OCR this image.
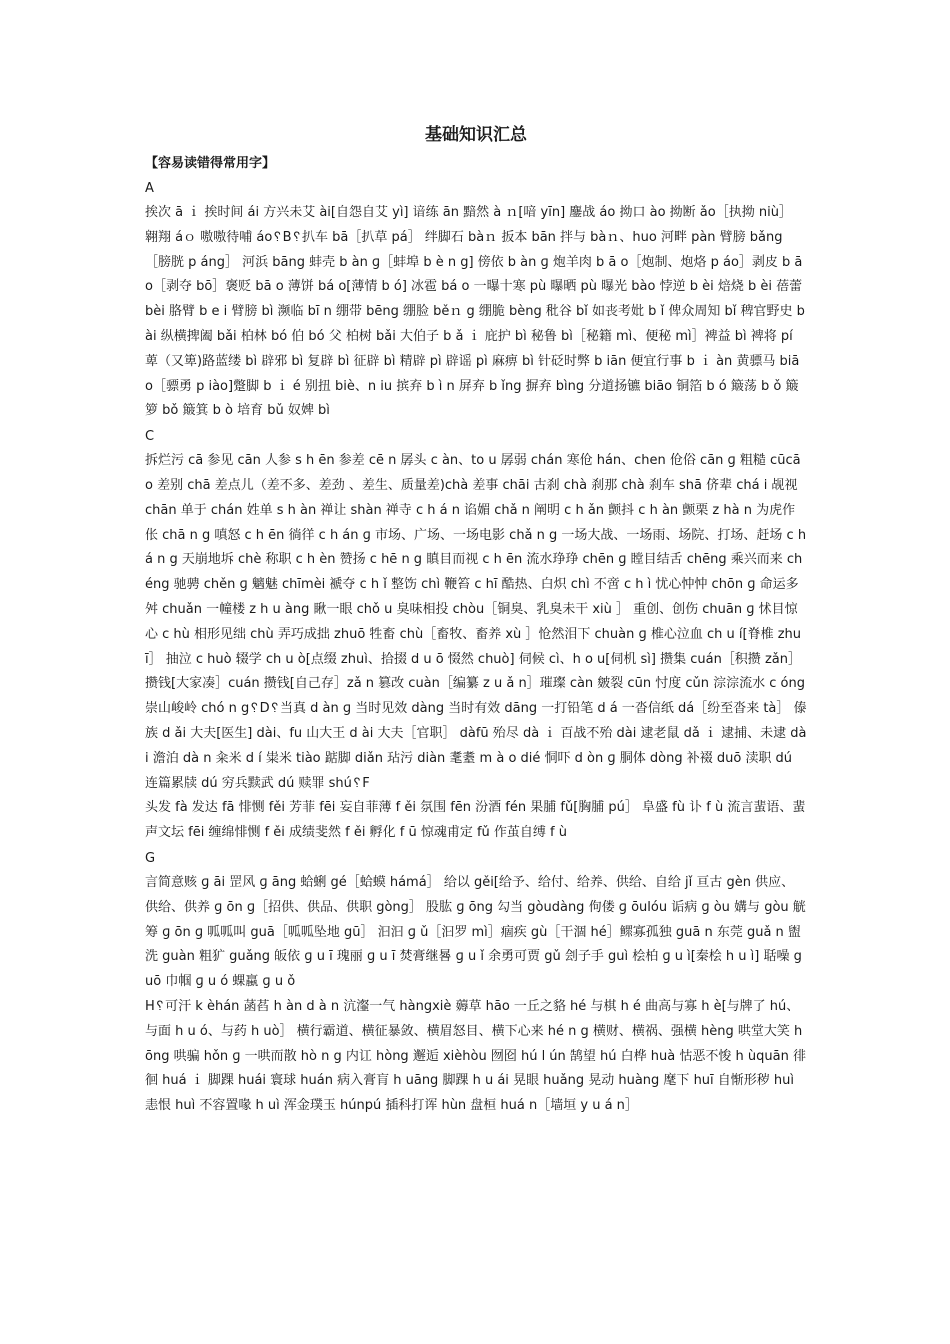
基础知识汇总

【容易读错得常用字】

A

挨次 ā ｉ 挨时间 ái 方兴未艾 ài[自怨自艾 yì] 谙练 ān 黯然 à ｎ[喑 yīn] 鏖战 áo 拗口 ào 拗断 ǎo［执拗 niù］ 翱翔 áｏ 嗷嗷待哺 áo␦B␦扒车 bā［扒草 pá］ 绊脚石 bàｎ 扳本 bān 拌与 bàｎ、huo 河畔 pàn 臂膀 bǎng［膀胱 p áng］ 河浜 bāng 蚌壳 b àn ɡ［蚌埠 b è n g] 傍依 b àn ɡ 炮羊肉 b ā o［炮制、炮烙 p áo］剥皮 b āo［剥夺 bō］褒贬 bā o 薄饼 bá o[薄情 b ó] 冰雹 bá o 一曝十寒 pù 曝晒 pù 曝光 bào 悖逆 b èi 焙烧 b èi 蓓蕾 bèi 胳臂 b e i 臂膀 bì 濒临 bī n 绷带 bēng 绷脸 běｎ g 绷脆 bèng 秕谷 bǐ 如丧考妣 b ǐ 俾众周知 bǐ 稗官野史 bài 纵横捭阖 bǎi 柏林 bó 伯 bó 父 柏树 bǎi 大伯子 b ǎ ｉ 庇护 bì 秘鲁 bì［秘籍 mì、便秘 mì］裨益 bì 裨将 pí 萆（又箄)路蓝缕 bì 辟邪 bì 复辟 bì 征辟 bì 精辟 pì 辟谣 pì 麻痹 bì 针砭时弊 b iān 便宜行事 b ｉ àn 黄骠马 biāo［骠勇 p iào]蹩脚 b ｉ é 别扭 biè、n iu 摈弃 b ì n 屏弃 b ǐng 摒弃 bìng 分道扬镳 biāo 铜箔 b ó 簸荡 b ǒ 簸箩 bǒ 簸箕 b ò 培育 bǔ 奴婢 bì

C

拆烂污 cā 参见 cān 人参 s h ēn 参差 cē n 孱头 c àn、to u 孱弱 chán 寒伧 hán、chen 伧俗 cān ɡ 粗糙 cūcā o 差别 chā 差点儿（差不多、差劲 、差生、质量差)chà 差事 chāi 古刹 chà 刹那 chà 刹车 shā 侪辈 chá i 觇视 chān 单于 chán 姓单 s h àn 禅让 shàn 禅寺 c h á n 谄媚 chǎ n 阐明 c h ǎn 颤抖 c h àn 颤栗 z hà n 为虎作伥 chā n g 嗔怒 c h ēn 徜徉 c h án ɡ 市场、广场、一场电影 chǎ n g 一场大战、一场雨、场院、打场、赶场 c há n g 天崩地坼 chè 称职 c h èn 赞扬 c hē n g 瞋目而视 c h ēn 流水琤琤 chēn ɡ 瞠目结舌 chēng 乘兴而来 chéng 驰骋 chěn ɡ 魑魅 chīmèi 褫夺 c h ǐ 整饬 chì 鞭笞 c hī 酷热、白炽 chì 不啻 c h ì 忧心忡忡 chōn ɡ 命运多舛 chuǎn 一幢楼 z h u àng 瞅一眼 chǒ u 臭味相投 chòu［铜臭、乳臭未干 xiù ］ 重创、创伤 chuān ɡ 怵目惊心 c hù 相形见绌 chù 弄巧成拙 zhuō 牲畜 chù［畜牧、畜养 xù ］怆然泪下 chuàn ɡ 椎心泣血 ch u í[脊椎 zhuī］ 抽泣 c huò 辍学 ch u ò[点缀 zhuì、拾掇 d u ō 惙然 chuò] 伺候 cì、h o u[伺机 sì] 攒集 cuán［积攒 zǎn］攒钱[大家凑］cuán 攒钱[自己存］zǎ n 篡改 cuàn［编纂 z u ǎ n］璀璨 càn 皴裂 cūn 忖度 cǔn 淙淙流水 c óng 崇山峻岭 chó n g␦D␦当真 d àn ɡ 当时见效 dàng 当时有效 dāng 一打铅笔 d á 一沓信纸 dá［纷至沓来 tà］ 傣族 d ǎi 大夫[医生] dài、fu 山大王 d ài 大夫［官职］ dàfū 殆尽 dà ｉ 百战不殆 dài 逮老鼠 dǎ ｉ 逮捕、未逮 dài 澹泊 dà n 籴米 d í 粜米 tiào 踮脚 diǎn 玷污 diàn 耄耋 m à o dié 恫吓 d òn ɡ 胴体 dòng 补裰 duō 渎职 dú 连篇累牍 dú 穷兵黩武 dú 赎罪 shú␦F

头发 fà 发达 fā 悱恻 fěi 芳菲 fēi 妄自菲薄 f ěi 氛围 fēn 汾酒 fén 果脯 fǔ[胸脯 pú］ 阜盛 fù 讣 f ù 流言蜚语、蜚声文坛 fēi 缠绵悱恻 f ěi 成绩斐然 f ěi 孵化 f ū 惊魂甫定 fǔ 作茧自缚 f ù

G

言简意赅 ɡ āi 罡风 ɡ āng 蛤蜊 gé［蛤蟆 hámá］ 给以 gěi[给予、给付、给养、供给、自给 jǐ 亘古 gèn 供应、供给、供养 ɡ ōn ɡ［招供、供品、供职 gòng］ 股肱 ɡ ōng 勾当 gòudàng 佝偻 ɡ ōulóu 诟病 ɡ òu 媾与 gòu 觥筹 ɡ ōn ɡ 呱呱叫 guā［呱呱坠地 gū］ 汩汩 ɡ ǔ［汩罗 mì］痼疾 gù［干涸 hé］鳏寡孤独 guā n 东莞 guǎ n 盥洗 guàn 粗犷 guǎng 皈依 ɡ u ī 瑰丽 ɡ u ī 焚膏继晷 ɡ u ǐ 余勇可贾 gǔ 刽子手 guì 桧柏 ɡ u ì[秦桧 h u ì] 聒噪 guō 巾帼 ɡ u ó 蜾蠃 ɡ u ǒ

H␦可汗 k èhán 菡萏 h àn d à n 沆瀣一气 hàngxiè 薅草 hāo 一丘之貉 hé 与棋 h é 曲高与寡 h è[与牌了 hú、与面 h u ó、与药 h uò］ 横行霸道、横征暴敛、横眉怒目、横下心来 hé n g 横财、横祸、强横 hèng 哄堂大笑 h ōng 哄骗 hǒn ɡ 一哄而散 hò n g 内讧 hòng 邂逅 xièhòu 囫囵 hú l ún 鹄望 hú 白桦 huà 怙恶不悛 h ùquān 徘徊 huá ｉ 脚踝 huái 寰球 huán 病入膏肓 h uāng 脚踝 h u ái 晃眼 huǎng 晃动 huàng 麾下 huī 自惭形秽 huì 恚恨 huì 不容置喙 h uì 浑金璞玉 húnpú 插科打诨 hùn 盘桓 huá n［墙垣 y u á n］
